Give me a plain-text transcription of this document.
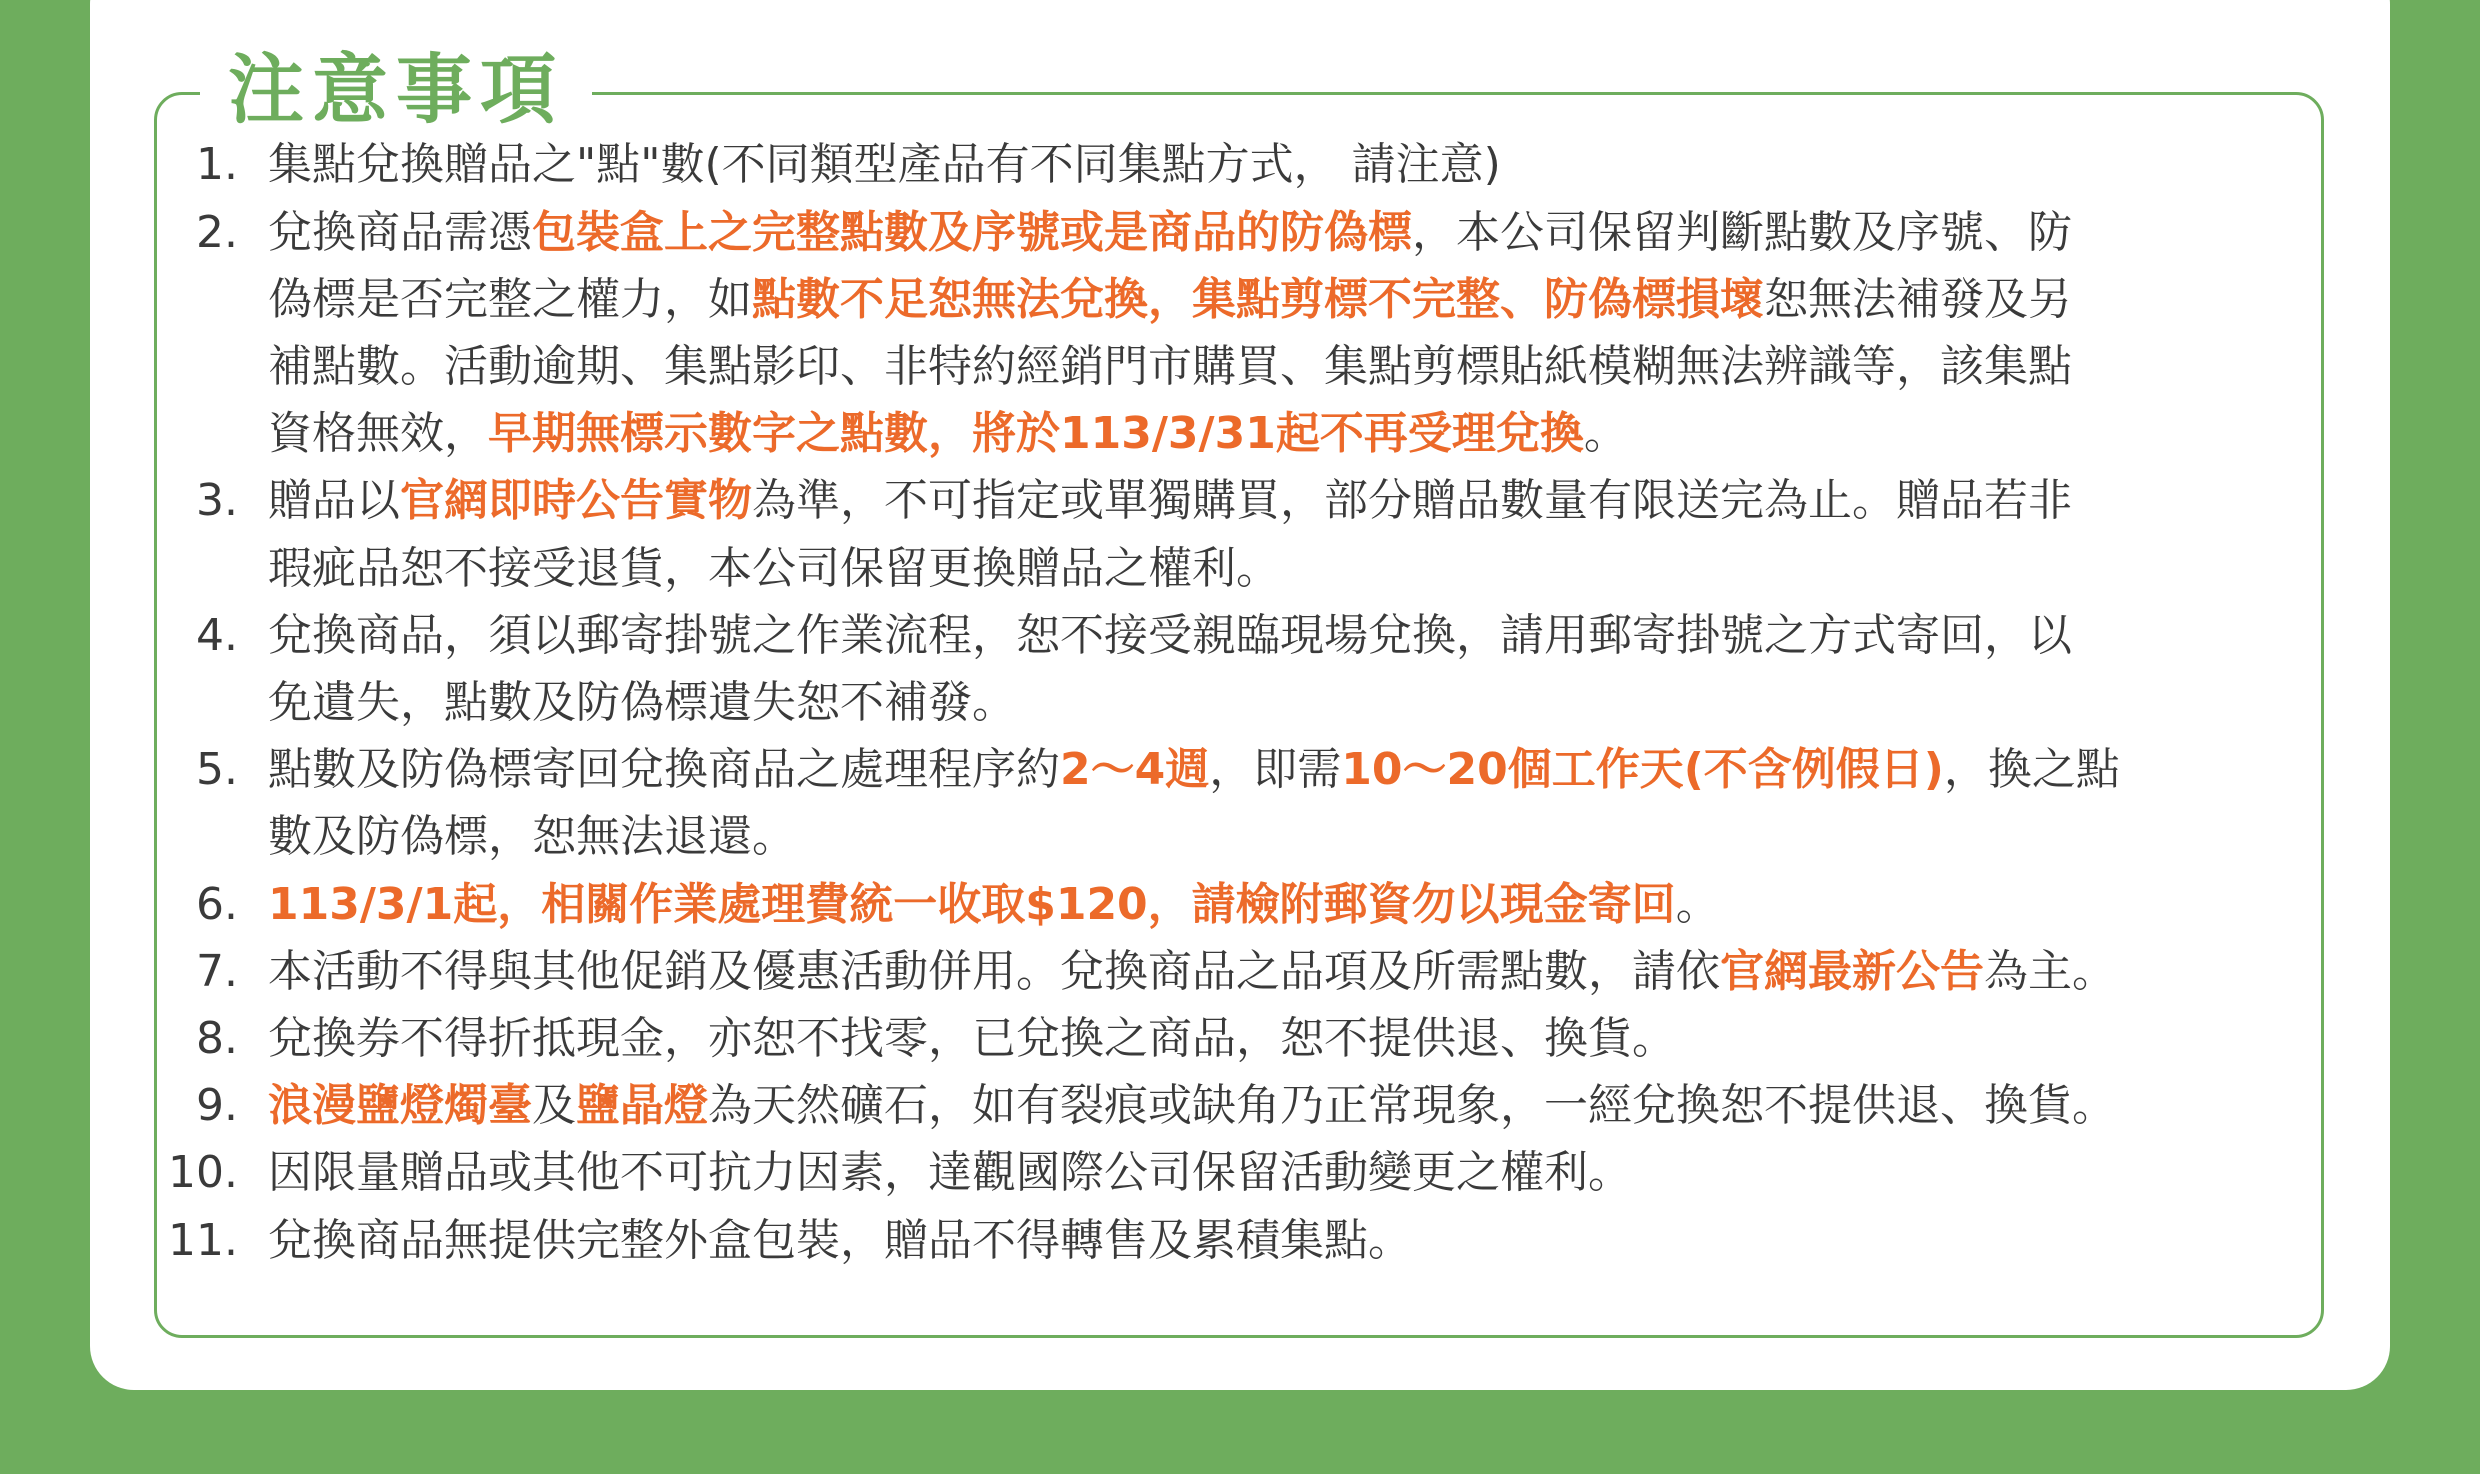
注意事項
1. 集點兌換贈品之"點"數(不同類型產品有不同集點方式， 請注意)
2. 兌換商品需憑包裝盒上之完整點數及序號或是商品的防偽標，本公司保留判斷點數及序號、防
偽標是否完整之權力，如點數不足恕無法兌換，集點剪標不完整、防偽標損壞恕無法補發及另
補點數。活動逾期、集點影印、非特約經銷門市購買、集點剪標貼紙模糊無法辨識等，該集點
資格無效，早期無標示數字之點數，將於113/3/31起不再受理兌換。
3. 贈品以官網即時公告實物為準，不可指定或單獨購買，部分贈品數量有限送完為止。贈品若非
瑕疵品恕不接受退貨，本公司保留更換贈品之權利。
4. 兌換商品，須以郵寄掛號之作業流程，恕不接受親臨現場兌換，請用郵寄掛號之方式寄回，以
免遺失，點數及防偽標遺失恕不補發。
5. 點數及防偽標寄回兌換商品之處理程序約2～4週，即需10～20個工作天(不含例假日)，換之點
數及防偽標，恕無法退還。
6. 113/3/1起，相關作業處理費統一收取$120，請檢附郵資勿以現金寄回。
7. 本活動不得與其他促銷及優惠活動併用。兌換商品之品項及所需點數，請依官網最新公告為主。
8. 兌換券不得折抵現金，亦恕不找零，已兌換之商品，恕不提供退、換貨。
9. 浪漫鹽燈燭臺及鹽晶燈為天然礦石，如有裂痕或缺角乃正常現象，一經兌換恕不提供退、換貨。
10. 因限量贈品或其他不可抗力因素，達觀國際公司保留活動變更之權利。
11. 兌換商品無提供完整外盒包裝，贈品不得轉售及累積集點。
